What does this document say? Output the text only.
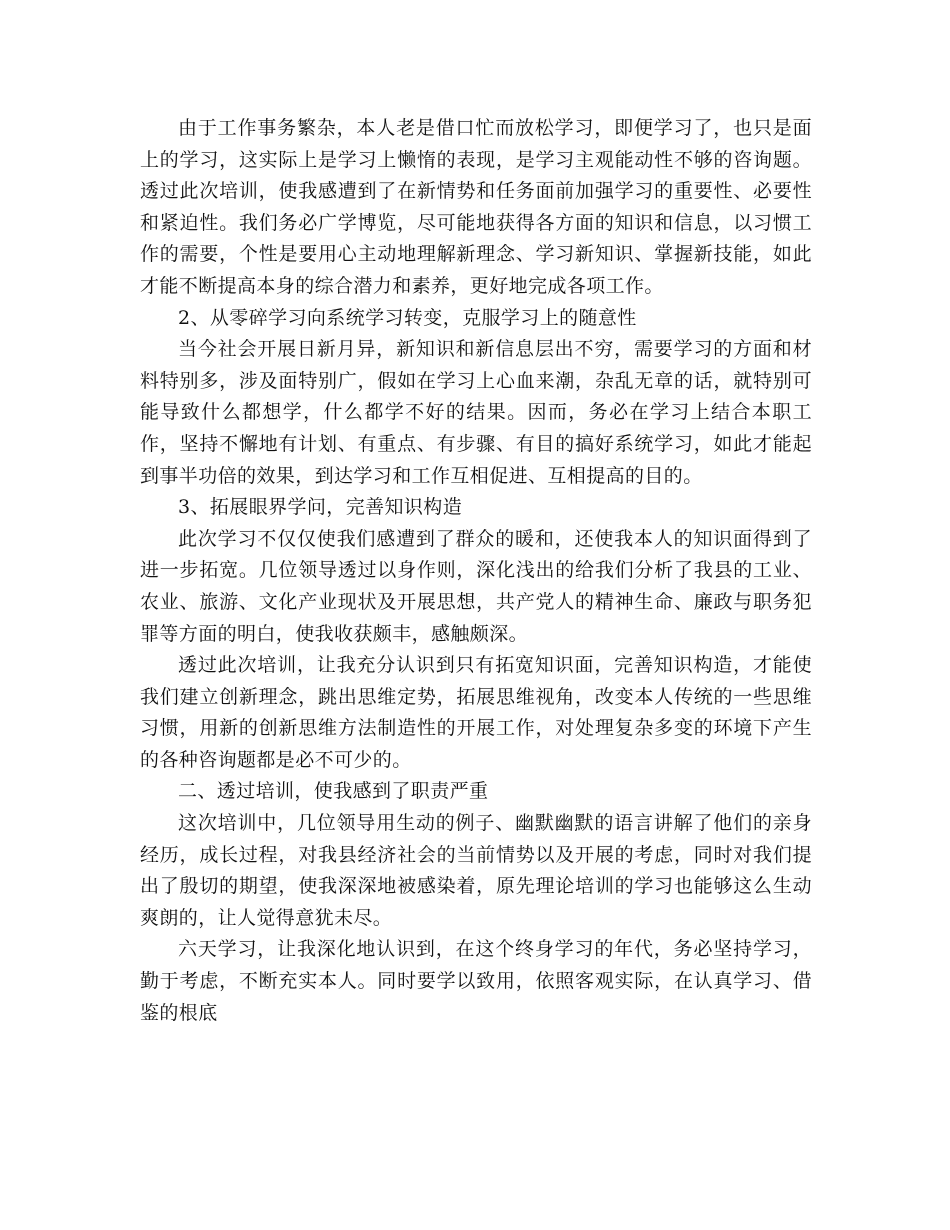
由于工作事务繁杂，本人老是借口忙而放松学习，即便学习了，也只是面上的学习，这实际上是学习上懒惰的表现，是学习主观能动性不够的咨询题。透过此次培训，使我感遭到了在新情势和任务面前加强学习的重要性、必要性和紧迫性。我们务必广学博览，尽可能地获得各方面的知识和信息，以习惯工作的需要，个性是要用心主动地理解新理念、学习新知识、掌握新技能，如此才能不断提高本身的综合潜力和素养，更好地完成各项工作。

2、从零碎学习向系统学习转变，克服学习上的随意性

当今社会开展日新月异，新知识和新信息层出不穷，需要学习的方面和材料特别多，涉及面特别广，假如在学习上心血来潮，杂乱无章的话，就特别可能导致什么都想学，什么都学不好的结果。因而，务必在学习上结合本职工作，坚持不懈地有计划、有重点、有步骤、有目的搞好系统学习，如此才能起到事半功倍的效果，到达学习和工作互相促进、互相提高的目的。

3、拓展眼界学问，完善知识构造

此次学习不仅仅使我们感遭到了群众的暖和，还使我本人的知识面得到了进一步拓宽。几位领导透过以身作则，深化浅出的给我们分析了我县的工业、农业、旅游、文化产业现状及开展思想，共产党人的精神生命、廉政与职务犯罪等方面的明白，使我收获颇丰，感触颇深。

透过此次培训，让我充分认识到只有拓宽知识面，完善知识构造，才能使我们建立创新理念，跳出思维定势，拓展思维视角，改变本人传统的一些思维习惯，用新的创新思维方法制造性的开展工作，对处理复杂多变的环境下产生的各种咨询题都是必不可少的。

二、透过培训，使我感到了职责严重

这次培训中，几位领导用生动的例子、幽默幽默的语言讲解了他们的亲身经历，成长过程，对我县经济社会的当前情势以及开展的考虑，同时对我们提出了殷切的期望，使我深深地被感染着，原先理论培训的学习也能够这么生动爽朗的，让人觉得意犹未尽。

六天学习，让我深化地认识到，在这个终身学习的年代，务必坚持学习，勤于考虑，不断充实本人。同时要学以致用，依照客观实际，在认真学习、借鉴的根底
